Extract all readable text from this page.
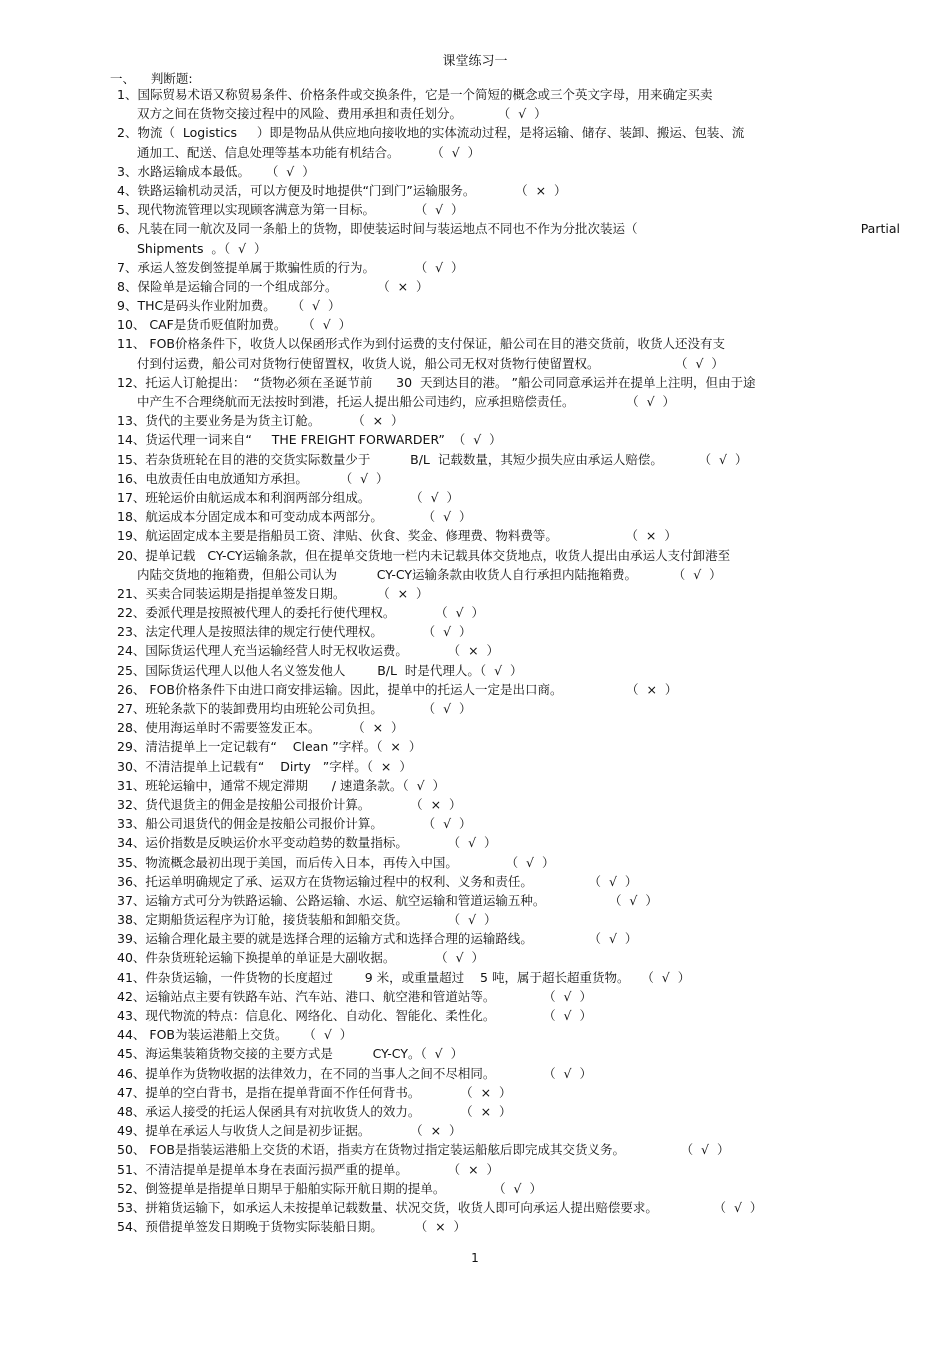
课堂练习一
一、    判断题:
1、国际贸易术语又称贸易条件、价格条件或交换条件，它是一个简短的概念或三个英文字母，用来确定买卖
双方之间在货物交接过程中的风险、费用承担和责任划分。         （  √  ）
2、物流（  Logistics     ）即是物品从供应地向接收地的实体流动过程，是将运输、储存、装卸、搬运、包装、流
通加工、配送、信息处理等基本功能有机结合。        （  √  ）
3、水路运输成本最低。    （  √  ）
4、铁路运输机动灵活，可以方便及时地提供“门到门”运输服务。          （  ×  ）
5、现代物流管理以实现顾客满意为第一目标。          （  √  ）
6、凡装在同一航次及同一条船上的货物，即使装运时间与装运地点不同也不作为分批次装运（	Partial
Shipments  。（  √  ）
7、承运人签发倒签提单属于欺骗性质的行为。          （  √  ）
8、保险单是运输合同的一个组成部分。          （  ×  ）
9、THC是码头作业附加费。    （  √  ）
10、 CAF是货币贬值附加费。    （  √  ）
11、 FOB价格条件下，收货人以保函形式作为到付运费的支付保证，船公司在目的港交货前，收货人还没有支
付到付运费，船公司对货物行使留置权，收货人说，船公司无权对货物行使留置权。                   （  √  ）
12、托运人订舱提出：  “货物必须在圣诞节前      30  天到达目的港。 ”船公司同意承运并在提单上注明，但由于途
中产生不合理绕航而无法按时到港，托运人提出船公司违约，应承担赔偿责任。             （  √  ）
13、货代的主要业务是为货主订舱。        （  ×  ）
14、货运代理一词来自“     THE FREIGHT FORWARDER”  （  √  ）
15、若杂货班轮在目的港的交货实际数量少于          B/L  记载数量，其短少损失应由承运人赔偿。         （  √  ）
16、电放责任由电放通知方承担。        （  √  ）
17、班轮运价由航运成本和利润两部分组成。          （  √  ）
18、航运成本分固定成本和可变动成本两部分。          （  √  ）
19、航运固定成本主要是指船员工资、津贴、伙食、奖金、修理费、物料费等。                 （  ×  ）
20、提单记载   CY-CY运输条款，但在提单交货地一栏内未记载具体交货地点，收货人提出由承运人支付卸港至
内陆交货地的拖箱费，但船公司认为          CY-CY运输条款由收货人自行承担内陆拖箱费。         （  √  ）
21、买卖合同装运期是指提单签发日期。        （  ×  ）
22、委派代理是按照被代理人的委托行使代理权。          （  √  ）
23、法定代理人是按照法律的规定行使代理权。          （  √  ）
24、国际货运代理人充当运输经营人时无权收运费。          （  ×  ）
25、国际货运代理人以他人名义签发他人        B/L  时是代理人。（  √  ）
26、 FOB价格条件下由进口商安排运输。因此，提单中的托运人一定是出口商。                （  ×  ）
27、班轮条款下的装卸费用均由班轮公司负担。          （  √  ）
28、使用海运单时不需要签发正本。        （  ×  ）
29、清洁提单上一定记载有“    Clean ”字样。（  ×  ）
30、不清洁提单上记载有“    Dirty   ”字样。（  ×  ）
31、班轮运输中，通常不规定滞期      / 速遣条款。（  √  ）
32、货代退货主的佣金是按船公司报价计算。          （  ×  ）
33、船公司退货代的佣金是按船公司报价计算。          （  √  ）
34、运价指数是反映运价水平变动趋势的数量指标。          （  √  ）
35、物流概念最初出现于美国，而后传入日本，再传入中国。            （  √  ）
36、托运单明确规定了承、运双方在货物运输过程中的权利、义务和责任。              （  √  ）
37、运输方式可分为铁路运输、公路运输、水运、航空运输和管道运输五种。                （  √  ）
38、定期船货运程序为订舱，接货装船和卸船交货。          （  √  ）
39、运输合理化最主要的就是选择合理的运输方式和选择合理的运输路线。              （  √  ）
40、件杂货班轮运输下换提单的单证是大副收据。          （  √  ）
41、件杂货运输，一件货物的长度超过        9 米，或重量超过    5 吨，属于超长超重货物。   （  √  ）
42、运输站点主要有铁路车站、汽车站、港口、航空港和管道站等。            （  √  ）
43、现代物流的特点：信息化、网络化、自动化、智能化、柔性化。            （  √  ）
44、 FOB为装运港船上交货。    （  √  ）
45、海运集装箱货物交接的主要方式是          CY-CY。（  √  ）
46、提单作为货物收据的法律效力，在不同的当事人之间不尽相同。            （  √  ）
47、提单的空白背书，是指在提单背面不作任何背书。          （  ×  ）
48、承运人接受的托运人保函具有对抗收货人的效力。          （  ×  ）
49、提单在承运人与收货人之间是初步证据。          （  ×  ）
50、 FOB是指装运港船上交货的术语，指卖方在货物过指定装运船舷后即完成其交货义务。              （  √  ）
51、不清洁提单是提单本身在表面污损严重的提单。          （  ×  ）
52、倒签提单是指提单日期早于船舶实际开航日期的提单。            （  √  ）
53、拼箱货运输下，如承运人未按提单记载数量、状况交货，收货人即可向承运人提出赔偿要求。              （  √  ）
54、预借提单签发日期晚于货物实际装船日期。        （  ×  ）
1
